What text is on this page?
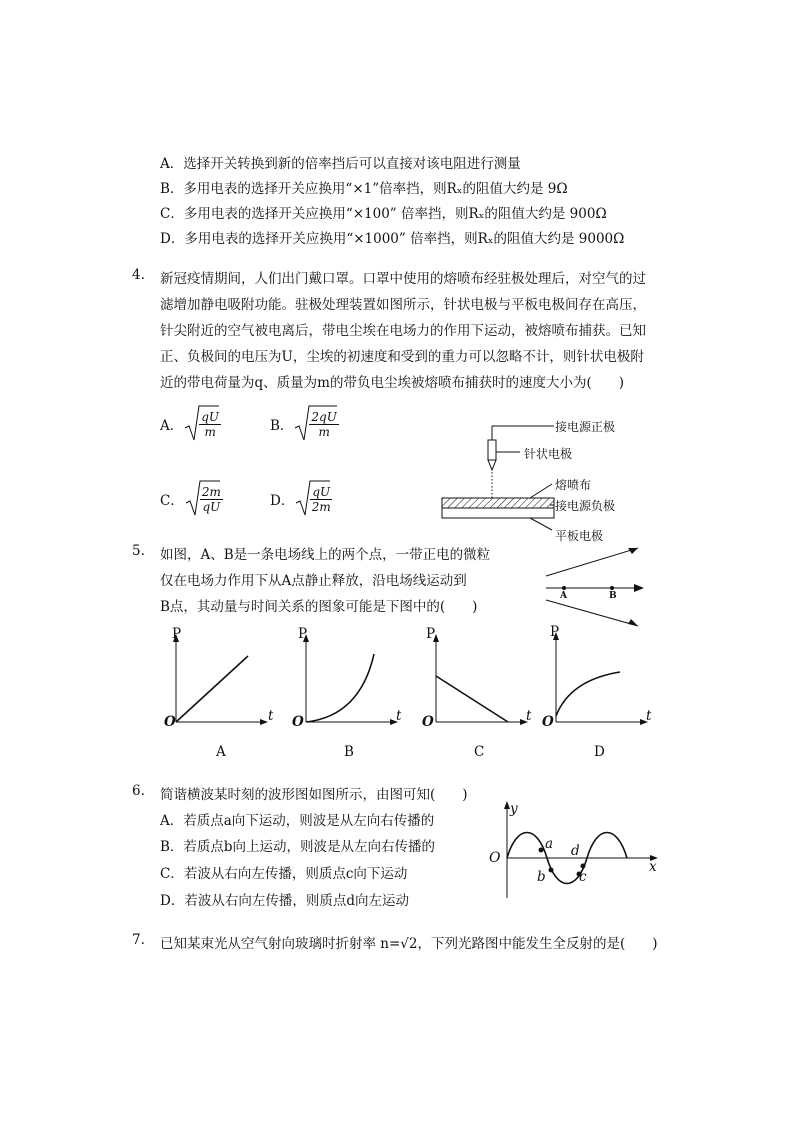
A．选择开关转换到新的倍率挡后可以直接对该电阻进行测量
B．多用电表的选择开关应换用“×1”倍率挡，则Rₓ的阻值大约是 9Ω
C．多用电表的选择开关应换用“×100” 倍率挡，则Rₓ的阻值大约是 900Ω
D．多用电表的选择开关应换用“×1000” 倍率挡，则Rₓ的阻值大约是 9000Ω
4. 新冠疫情期间，人们出门戴口罩。口罩中使用的熔喷布经驻极处理后，对空气的过
滤增加静电吸附功能。驻极处理装置如图所示，针状电极与平板电极间存在高压，
针尖附近的空气被电离后，带电尘埃在电场力的作用下运动，被熔喷布捕获。已知
正、负极间的电压为U，尘埃的初速度和受到的重力可以忽略不计，则针状电极附
近的带电荷量为q、质量为m的带负电尘埃被熔喷布捕获时的速度大小为(　　)
A． $\frac{qU}{m}$	B． $\frac{2qU}{m}$
C． $\frac{2m}{qU}$	D． $\frac{qU}{2m}$
接电源正极
针状电极
熔喷布
接电源负极
平板电极
5. 如图，A、B是一条电场线上的两个点，一带正电的微粒
仅在电场力作用下从A点静止释放，沿电场线运动到
B点，其动量与时间关系的图象可能是下图中的(　　)
A	B
P
O	t
A
P
O	t
B
P
O	t
C
P
O	t
D
6. 简谐横波某时刻的波形图如图所示，由图可知(　　)
A．若质点a向下运动，则波是从左向右传播的
B．若质点b向上运动，则波是从左向右传播的
C．若波从右向左传播，则质点c向下运动
D．若波从右向左传播，则质点d向左运动
y
x
O
a
b c
d
7. 已知某束光从空气射向玻璃时折射率 n=√2，下列光路图中能发生全反射的是(　　)
